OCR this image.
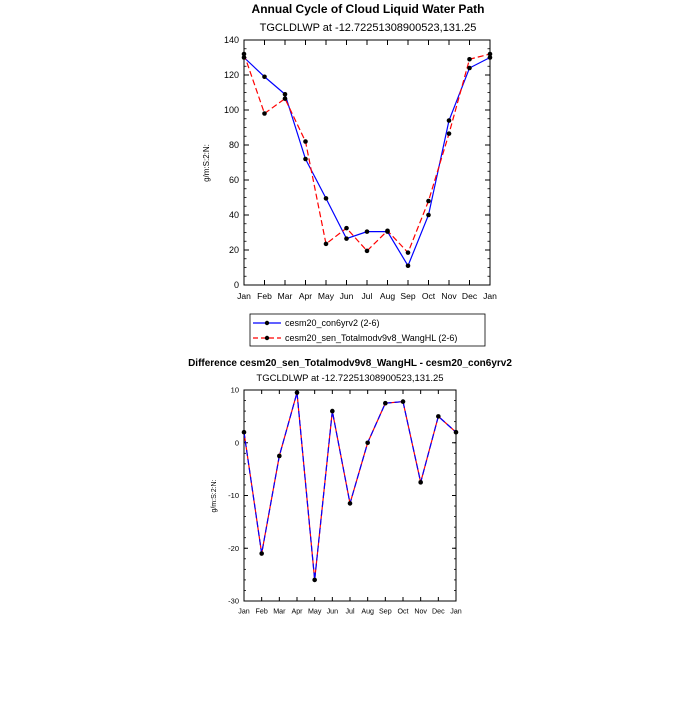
Annual Cycle of Cloud Liquid Water Path
TGCLDLWP at -12.72251308900523,131.25
g/m:S:2:N:
0
20
40
60
80
100
120
140
Jan Feb Mar Apr May Jun Jul Aug Sep Oct Nov Dec Jan
cesm20_con6yrv2 (2-6)
cesm20_sen_Totalmodv9v8_WangHL (2-6)
Difference cesm20_sen_Totalmodv9v8_WangHL - cesm20_con6yrv2
TGCLDLWP at -12.72251308900523,131.25
g/m:S:2:N:
-30
-20
-10
0
10
Jan Feb Mar Apr May Jun Jul Aug Sep Oct Nov Dec Jan
